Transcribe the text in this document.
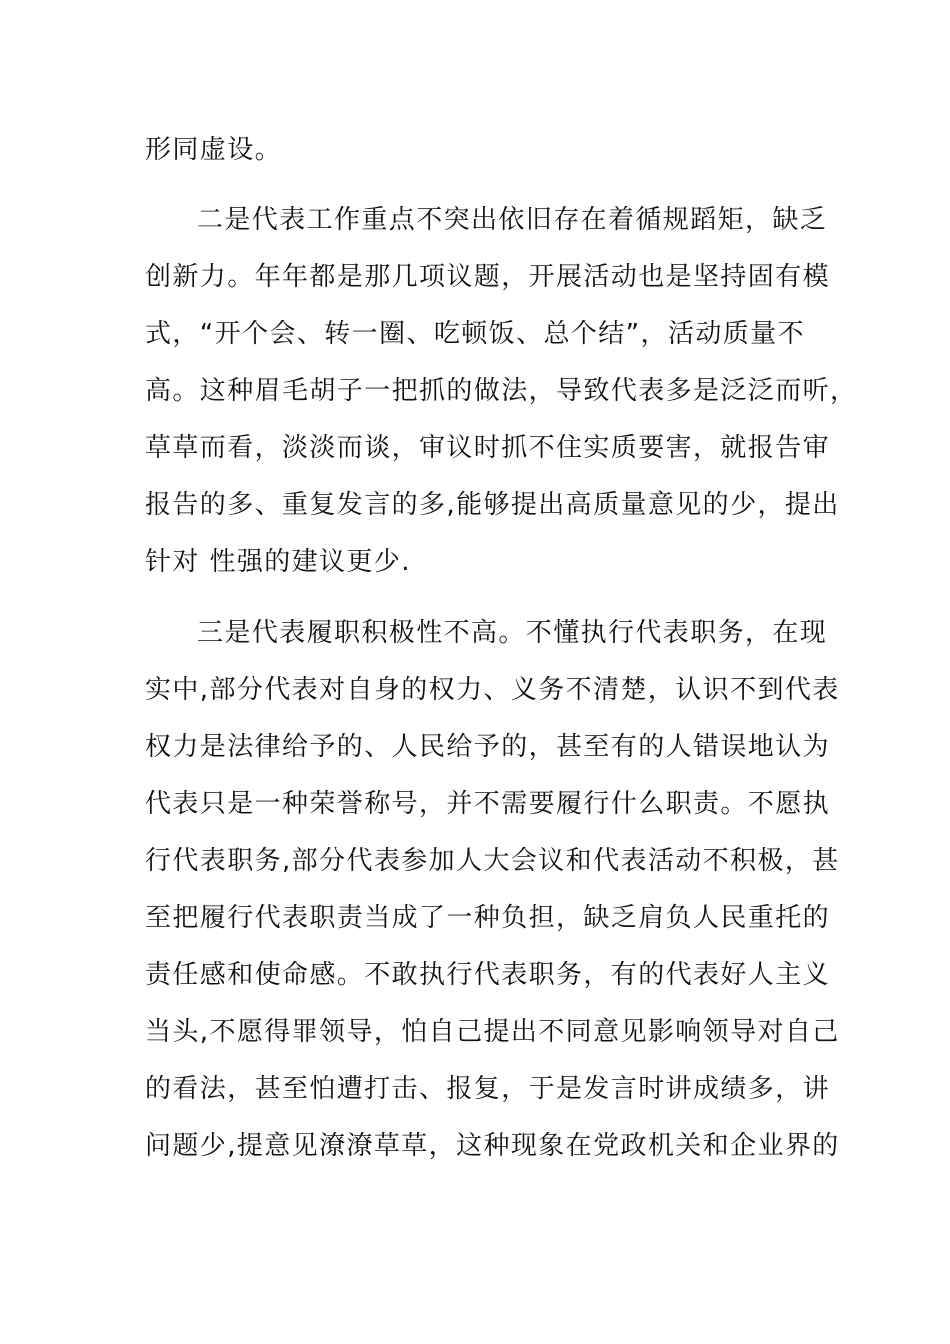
形同虚设。
二是代表工作重点不突出依旧存在着循规蹈矩，缺乏
创新力。年年都是那几项议题，开展活动也是坚持固有模
式，“开个会、转一圈、吃顿饭、总个结”，活动质量不
高。这种眉毛胡子一把抓的做法，导致代表多是泛泛而听，
草草而看，淡淡而谈，审议时抓不住实质要害，就报告审
报告的多、重复发言的多,能够提出高质量意见的少，提出
针对 性强的建议更少.
三是代表履职积极性不高。不懂执行代表职务，在现
实中,部分代表对自身的权力、义务不清楚，认识不到代表
权力是法律给予的、人民给予的，甚至有的人错误地认为
代表只是一种荣誉称号，并不需要履行什么职责。不愿执
行代表职务,部分代表参加人大会议和代表活动不积极，甚
至把履行代表职责当成了一种负担，缺乏肩负人民重托的
责任感和使命感。不敢执行代表职务，有的代表好人主义
当头,不愿得罪领导，怕自己提出不同意见影响领导对自己
的看法，甚至怕遭打击、报复，于是发言时讲成绩多，讲
问题少,提意见潦潦草草，这种现象在党政机关和企业界的
